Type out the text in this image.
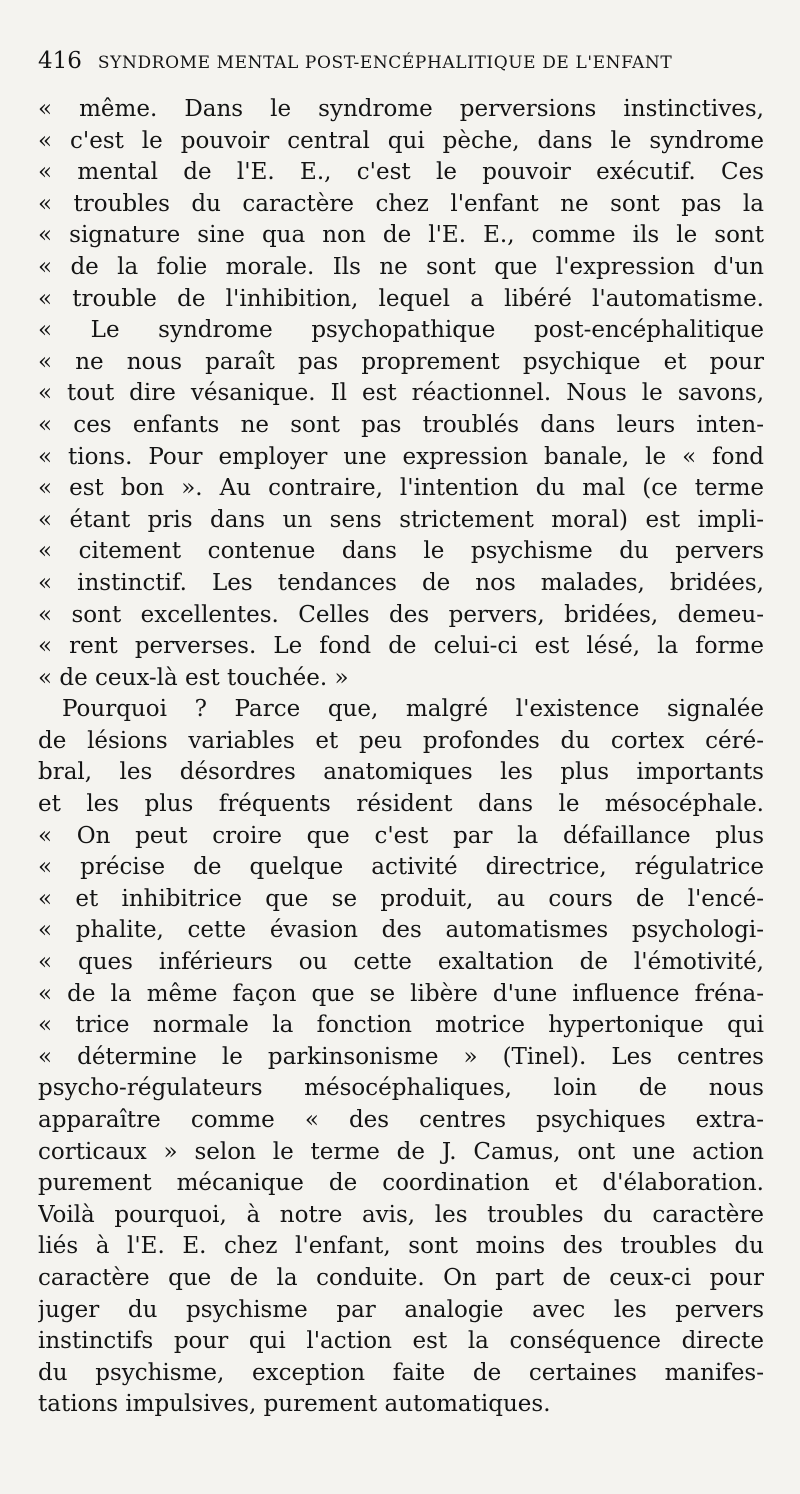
416 SYNDROME MENTAL POST-ENCÉPHALITIQUE DE L'ENFANT
« même. Dans le syndrome perversions instinctives,
« c'est le pouvoir central qui pèche, dans le syndrome
« mental de l'E. E., c'est le pouvoir exécutif. Ces
« troubles du caractère chez l'enfant ne sont pas la
« signature sine qua non de l'E. E., comme ils le sont
« de la folie morale. Ils ne sont que l'expression d'un
« trouble de l'inhibition, lequel a libéré l'automatisme.
« Le syndrome psychopathique post-encéphalitique
« ne nous paraît pas proprement psychique et pour
« tout dire vésanique. Il est réactionnel. Nous le savons,
« ces enfants ne sont pas troublés dans leurs inten-
« tions. Pour employer une expression banale, le « fond
« est bon ». Au contraire, l'intention du mal (ce terme
« étant pris dans un sens strictement moral) est impli-
« citement contenue dans le psychisme du pervers
« instinctif. Les tendances de nos malades, bridées,
« sont excellentes. Celles des pervers, bridées, demeu-
« rent perverses. Le fond de celui-ci est lésé, la forme
« de ceux-là est touchée. »
Pourquoi ? Parce que, malgré l'existence signalée
de lésions variables et peu profondes du cortex céré-
bral, les désordres anatomiques les plus importants
et les plus fréquents résident dans le mésocéphale.
« On peut croire que c'est par la défaillance plus
« précise de quelque activité directrice, régulatrice
« et inhibitrice que se produit, au cours de l'encé-
« phalite, cette évasion des automatismes psychologi-
« ques inférieurs ou cette exaltation de l'émotivité,
« de la même façon que se libère d'une influence fréna-
« trice normale la fonction motrice hypertonique qui
« détermine le parkinsonisme » (Tinel). Les centres
psycho-régulateurs mésocéphaliques, loin de nous
apparaître comme « des centres psychiques extra-
corticaux » selon le terme de J. Camus, ont une action
purement mécanique de coordination et d'élaboration.
Voilà pourquoi, à notre avis, les troubles du caractère
liés à l'E. E. chez l'enfant, sont moins des troubles du
caractère que de la conduite. On part de ceux-ci pour
juger du psychisme par analogie avec les pervers
instinctifs pour qui l'action est la conséquence directe
du psychisme, exception faite de certaines manifes-
tations impulsives, purement automatiques.
